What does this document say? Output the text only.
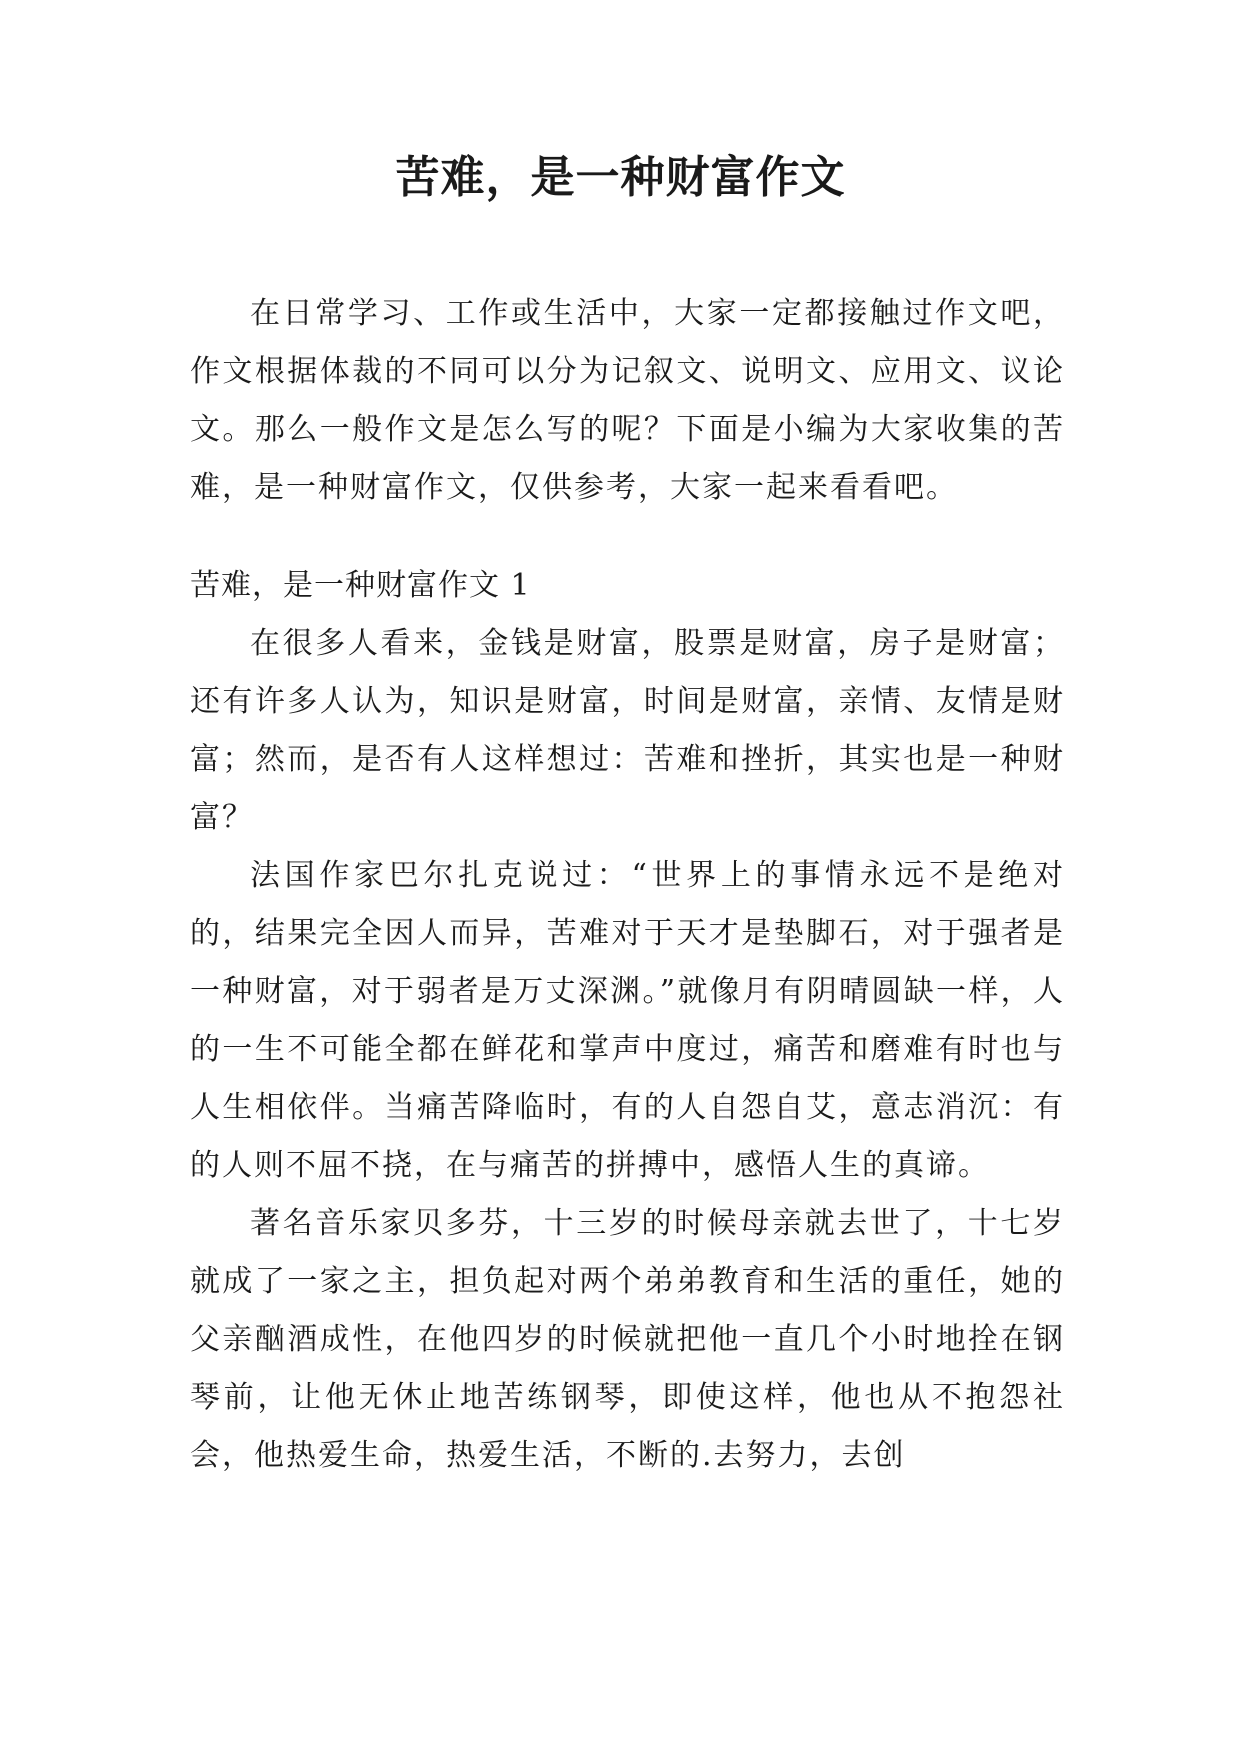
苦难，是一种财富作文

在日常学习、工作或生活中，大家一定都接触过作文吧，作文根据体裁的不同可以分为记叙文、说明文、应用文、议论文。那么一般作文是怎么写的呢？下面是小编为大家收集的苦难，是一种财富作文，仅供参考，大家一起来看看吧。

苦难，是一种财富作文 1

在很多人看来，金钱是财富，股票是财富，房子是财富；还有许多人认为，知识是财富，时间是财富，亲情、友情是财富；然而，是否有人这样想过：苦难和挫折，其实也是一种财富？

法国作家巴尔扎克说过：“世界上的事情永远不是绝对的，结果完全因人而异，苦难对于天才是垫脚石，对于强者是一种财富，对于弱者是万丈深渊。”就像月有阴晴圆缺一样，人的一生不可能全都在鲜花和掌声中度过，痛苦和磨难有时也与人生相依伴。当痛苦降临时，有的人自怨自艾，意志消沉：有的人则不屈不挠，在与痛苦的拼搏中，感悟人生的真谛。

著名音乐家贝多芬，十三岁的时候母亲就去世了，十七岁就成了一家之主，担负起对两个弟弟教育和生活的重任，她的父亲酗酒成性，在他四岁的时候就把他一直几个小时地拴在钢琴前，让他无休止地苦练钢琴，即使这样，他也从不抱怨社会，他热爱生命，热爱生活，不断的.去努力，去创
